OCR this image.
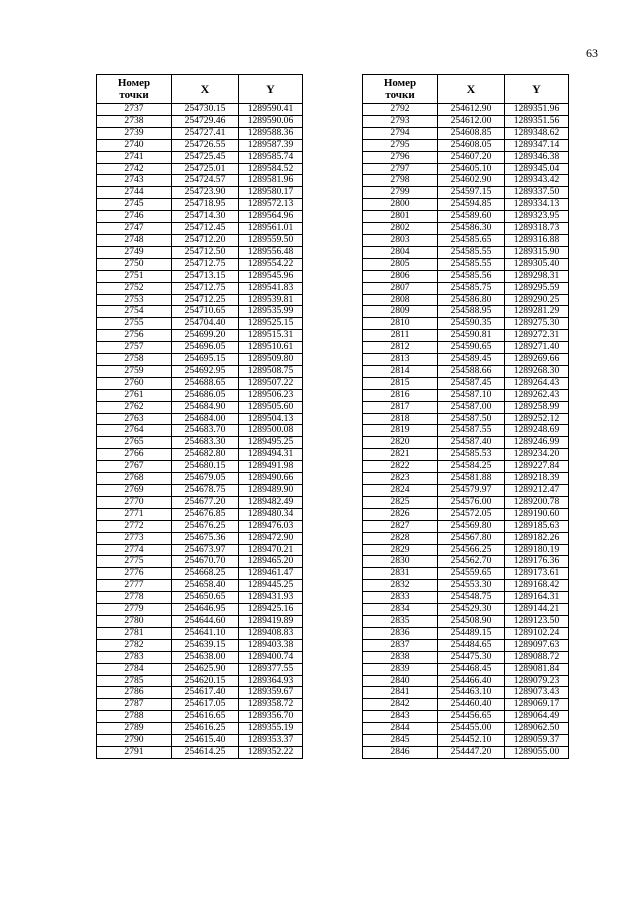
63
Номер
точки	X	Y
2737	254730.15	1289590.41
2738	254729.46	1289590.06
2739	254727.41	1289588.36
2740	254726.55	1289587.39
2741	254725.45	1289585.74
2742	254725.01	1289584.52
2743	254724.57	1289581.96
2744	254723.90	1289580.17
2745	254718.95	1289572.13
2746	254714.30	1289564.96
2747	254712.45	1289561.01
2748	254712.20	1289559.50
2749	254712.50	1289556.48
2750	254712.75	1289554.22
2751	254713.15	1289545.96
2752	254712.75	1289541.83
2753	254712.25	1289539.81
2754	254710.65	1289535.99
2755	254704.40	1289525.15
2756	254699.20	1289515.31
2757	254696.05	1289510.61
2758	254695.15	1289509.80
2759	254692.95	1289508.75
2760	254688.65	1289507.22
2761	254686.05	1289506.23
2762	254684.90	1289505.60
2763	254684.00	1289504.13
2764	254683.70	1289500.08
2765	254683.30	1289495.25
2766	254682.80	1289494.31
2767	254680.15	1289491.98
2768	254679.05	1289490.66
2769	254678.75	1289489.90
2770	254677.20	1289482.49
2771	254676.85	1289480.34
2772	254676.25	1289476.03
2773	254675.36	1289472.90
2774	254673.97	1289470.21
2775	254670.70	1289465.20
2776	254668.25	1289461.47
2777	254658.40	1289445.25
2778	254650.65	1289431.93
2779	254646.95	1289425.16
2780	254644.60	1289419.89
2781	254641.10	1289408.83
2782	254639.15	1289403.38
2783	254638.00	1289400.74
2784	254625.90	1289377.55
2785	254620.15	1289364.93
2786	254617.40	1289359.67
2787	254617.05	1289358.72
2788	254616.65	1289356.70
2789	254616.25	1289355.19
2790	254615.40	1289353.37
2791	254614.25	1289352.22
Номер
точки	X	Y
2792	254612.90	1289351.96
2793	254612.00	1289351.56
2794	254608.85	1289348.62
2795	254608.05	1289347.14
2796	254607.20	1289346.38
2797	254605.10	1289345.04
2798	254602.90	1289343.42
2799	254597.15	1289337.50
2800	254594.85	1289334.13
2801	254589.60	1289323.95
2802	254586.30	1289318.73
2803	254585.65	1289316.88
2804	254585.55	1289315.90
2805	254585.55	1289305.40
2806	254585.56	1289298.31
2807	254585.75	1289295.59
2808	254586.80	1289290.25
2809	254588.95	1289281.29
2810	254590.35	1289275.30
2811	254590.81	1289272.31
2812	254590.65	1289271.40
2813	254589.45	1289269.66
2814	254588.66	1289268.30
2815	254587.45	1289264.43
2816	254587.10	1289262.43
2817	254587.00	1289258.99
2818	254587.50	1289252.12
2819	254587.55	1289248.69
2820	254587.40	1289246.99
2821	254585.53	1289234.20
2822	254584.25	1289227.84
2823	254581.88	1289218.39
2824	254579.97	1289212.47
2825	254576.00	1289200.78
2826	254572.05	1289190.60
2827	254569.80	1289185.63
2828	254567.80	1289182.26
2829	254566.25	1289180.19
2830	254562.70	1289176.36
2831	254559.65	1289173.61
2832	254553.30	1289168.42
2833	254548.75	1289164.31
2834	254529.30	1289144.21
2835	254508.90	1289123.50
2836	254489.15	1289102.24
2837	254484.65	1289097.63
2838	254475.30	1289088.72
2839	254468.45	1289081.84
2840	254466.40	1289079.23
2841	254463.10	1289073.43
2842	254460.40	1289069.17
2843	254456.65	1289064.49
2844	254455.00	1289062.50
2845	254452.10	1289059.37
2846	254447.20	1289055.00
